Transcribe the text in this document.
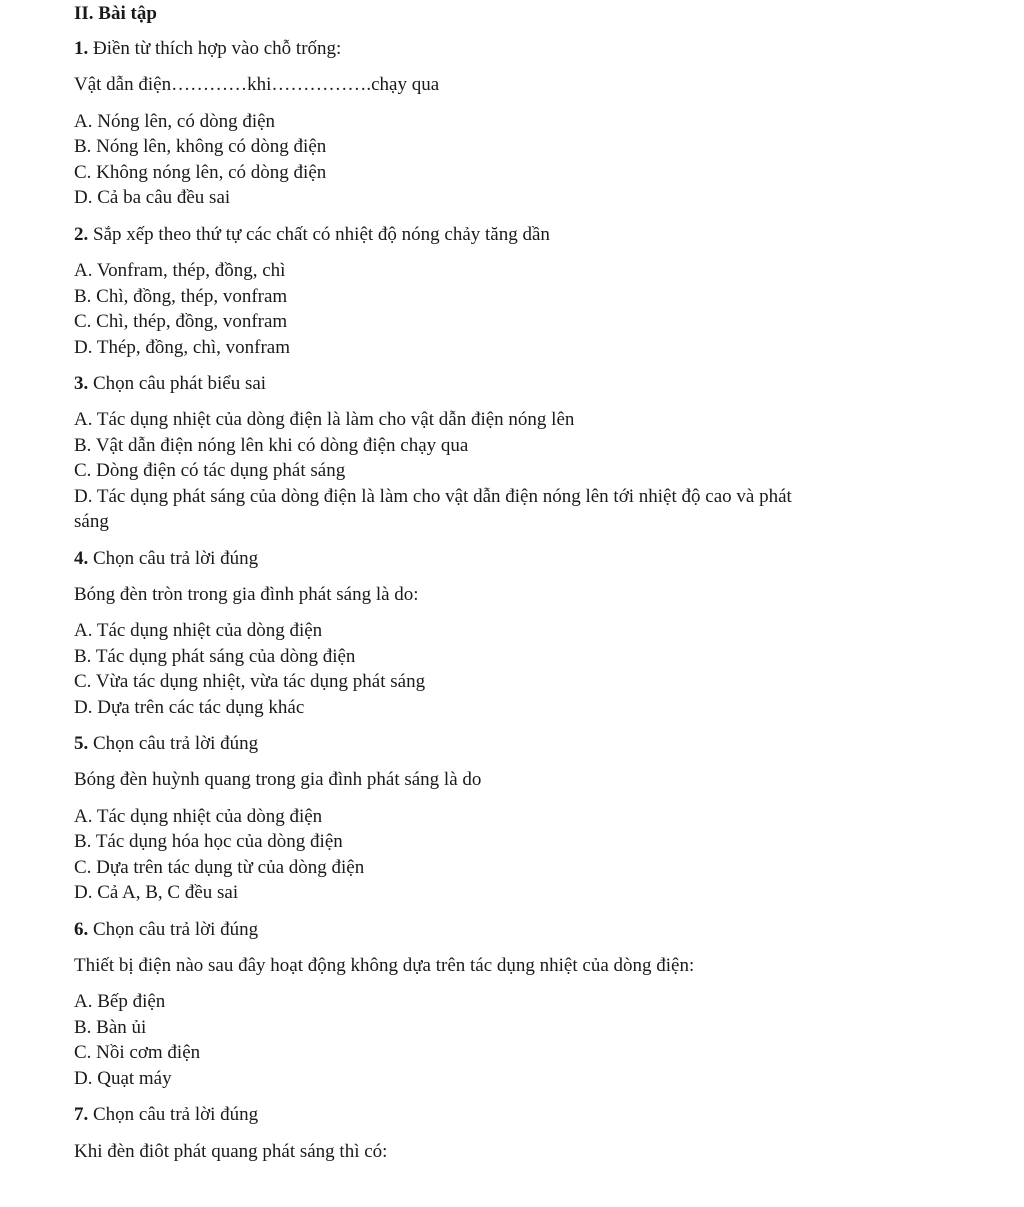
II. Bài tập
1. Điền từ thích hợp vào chỗ trống:
Vật dẫn điện…………khi…………….chạy qua
A. Nóng lên, có dòng điện
B. Nóng lên, không có dòng điện
C. Không nóng lên, có dòng điện
D. Cả ba câu đều sai
2. Sắp xếp theo thứ tự các chất có nhiệt độ nóng chảy tăng dần
A. Vonfram, thép, đồng, chì
B. Chì, đồng, thép, vonfram
C. Chì, thép, đồng, vonfram
D. Thép, đồng, chì, vonfram
3. Chọn câu phát biểu sai
A. Tác dụng nhiệt của dòng điện là làm cho vật dẫn điện nóng lên
B. Vật dẫn điện nóng lên khi có dòng điện chạy qua
C. Dòng điện có tác dụng phát sáng
D. Tác dụng phát sáng của dòng điện là làm cho vật dẫn điện nóng lên tới nhiệt độ cao và phát
sáng
4. Chọn câu trả lời đúng
Bóng đèn tròn trong gia đình phát sáng là do:
A. Tác dụng nhiệt của dòng điện
B. Tác dụng phát sáng của dòng điện
C. Vừa tác dụng nhiệt, vừa tác dụng phát sáng
D. Dựa trên các tác dụng khác
5. Chọn câu trả lời đúng
Bóng đèn huỳnh quang trong gia đình phát sáng là do
A. Tác dụng nhiệt của dòng điện
B. Tác dụng hóa học của dòng điện
C. Dựa trên tác dụng từ của dòng điện
D. Cả A, B, C đều sai
6. Chọn câu trả lời đúng
Thiết bị điện nào sau đây hoạt động không dựa trên tác dụng nhiệt của dòng điện:
A. Bếp điện
B. Bàn ủi
C. Nồi cơm điện
D. Quạt máy
7. Chọn câu trả lời đúng
Khi đèn điôt phát quang phát sáng thì có:
